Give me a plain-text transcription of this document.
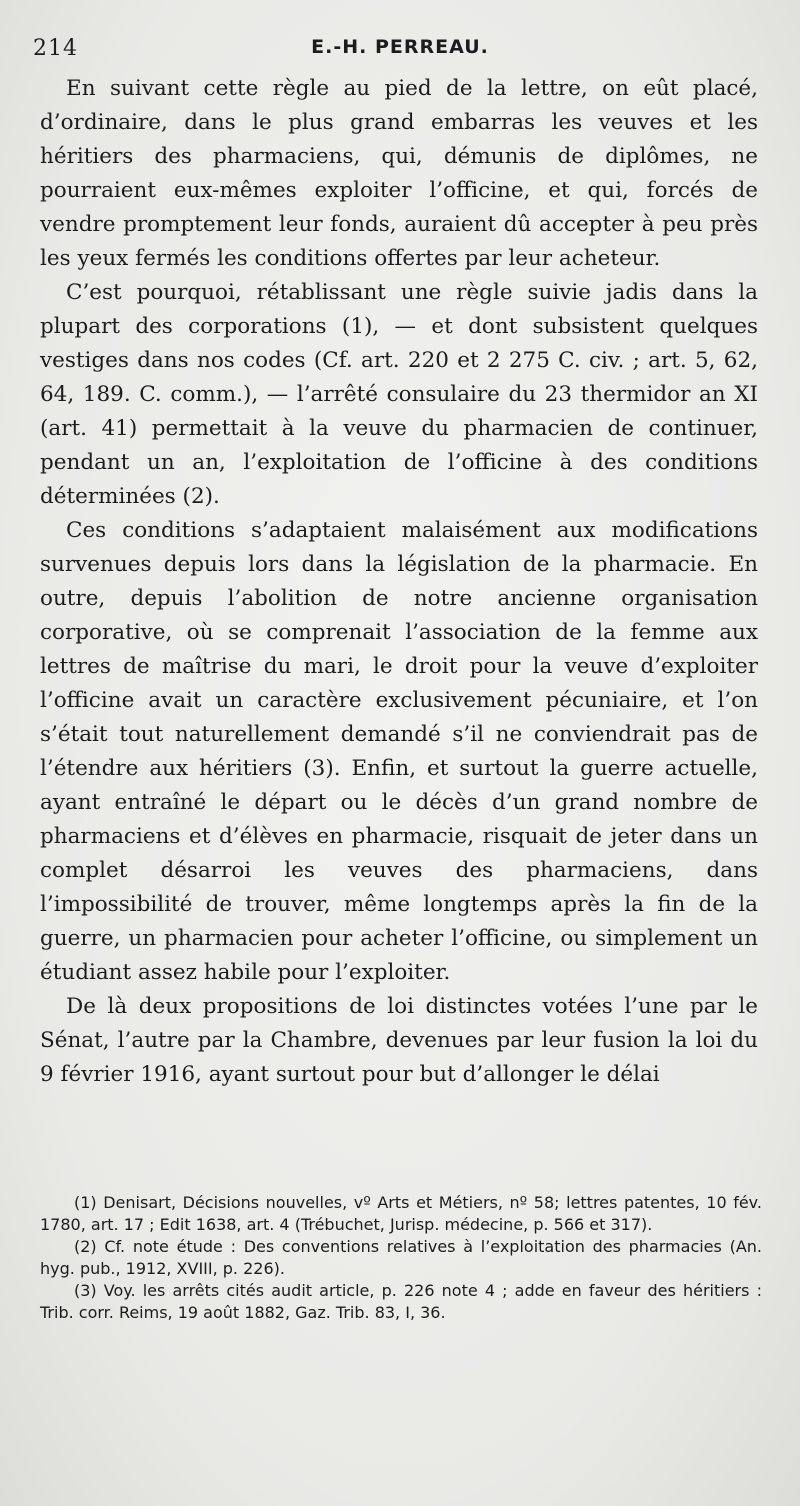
214	E.-H. PERREAU.

En suivant cette règle au pied de la lettre, on eût placé, d’ordinaire, dans le plus grand embarras les veuves et les héritiers des pharmaciens, qui, démunis de diplômes, ne pourraient eux-mêmes exploiter l’officine, et qui, forcés de vendre promptement leur fonds, auraient dû accepter à peu près les yeux fermés les conditions offertes par leur acheteur.

C’est pourquoi, rétablissant une règle suivie jadis dans la plupart des corporations (1), — et dont subsistent quelques vestiges dans nos codes (Cf. art. 220 et 2 275 C. civ. ; art. 5, 62, 64, 189. C. comm.), — l’arrêté consulaire du 23 thermidor an XI (art. 41) permettait à la veuve du pharmacien de continuer, pendant un an, l’exploitation de l’officine à des conditions déterminées (2).

Ces conditions s’adaptaient malaisément aux modifications survenues depuis lors dans la législation de la pharmacie. En outre, depuis l’abolition de notre ancienne organisation corporative, où se comprenait l’association de la femme aux lettres de maîtrise du mari, le droit pour la veuve d’exploiter l’officine avait un caractère exclusivement pécuniaire, et l’on s’était tout naturellement demandé s’il ne conviendrait pas de l’étendre aux héritiers (3). Enfin, et surtout la guerre actuelle, ayant entraîné le départ ou le décès d’un grand nombre de pharmaciens et d’élèves en pharmacie, risquait de jeter dans un complet désarroi les veuves des pharmaciens, dans l’impossibilité de trouver, même longtemps après la fin de la guerre, un pharmacien pour acheter l’officine, ou simplement un étudiant assez habile pour l’exploiter.

De là deux propositions de loi distinctes votées l’une par le Sénat, l’autre par la Chambre, devenues par leur fusion la loi du 9 février 1916, ayant surtout pour but d’allonger le délai

(1) Denisart, Décisions nouvelles, vº Arts et Métiers, nº 58; lettres patentes, 10 fév. 1780, art. 17 ; Edit 1638, art. 4 (Trébuchet, Jurisp. médecine, p. 566 et 317).

(2) Cf. note étude : Des conventions relatives à l’exploitation des pharmacies (An. hyg. pub., 1912, XVIII, p. 226).

(3) Voy. les arrêts cités audit article, p. 226 note 4 ; adde en faveur des héritiers : Trib. corr. Reims, 19 août 1882, Gaz. Trib. 83, I, 36.
